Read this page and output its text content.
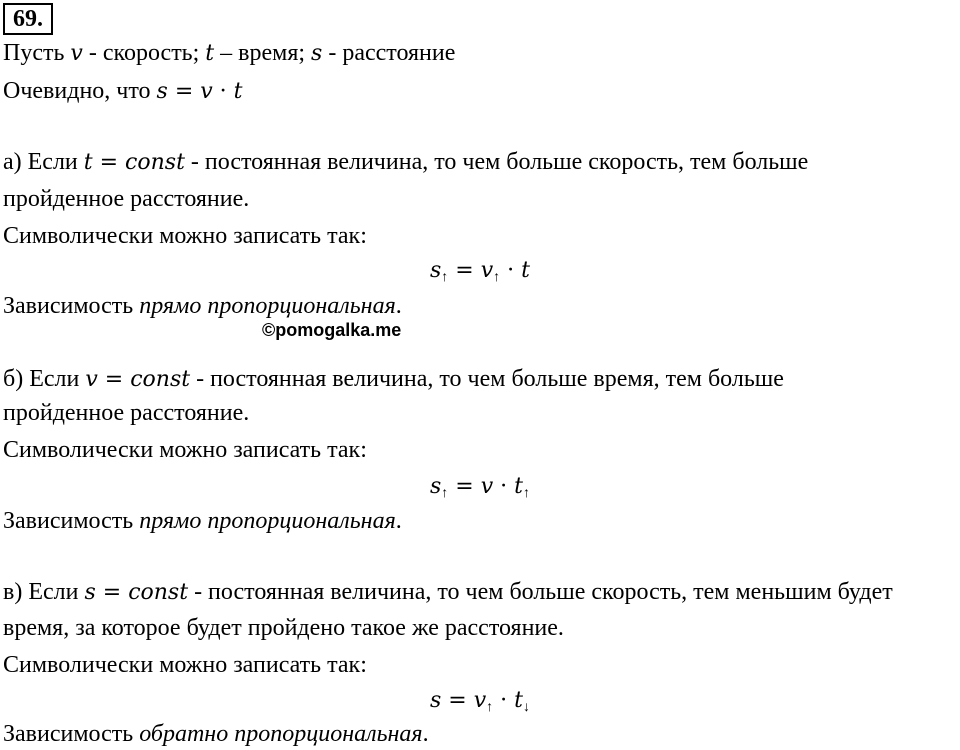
69.
Пусть v - скорость; t – время; s - расстояние
Очевидно, что s = v · t
а) Если t = const - постоянная величина, то чем больше скорость, тем больше
пройденное расстояние.
Символически можно записать так:
$s_↑ = v_↑ \cdot t$
Зависимость прямо пропорциональная.
©pomogalka.me
б) Если v = const - постоянная величина, то чем больше время, тем больше
пройденное расстояние.
Символически можно записать так:
$s_↑ = v \cdot t_↑$
Зависимость прямо пропорциональная.
в) Если s = const - постоянная величина, то чем больше скорость, тем меньшим будет
время, за которое будет пройдено такое же расстояние.
Символически можно записать так:
$s = v_↑ \cdot t_↓$
Зависимость обратно пропорциональная.
